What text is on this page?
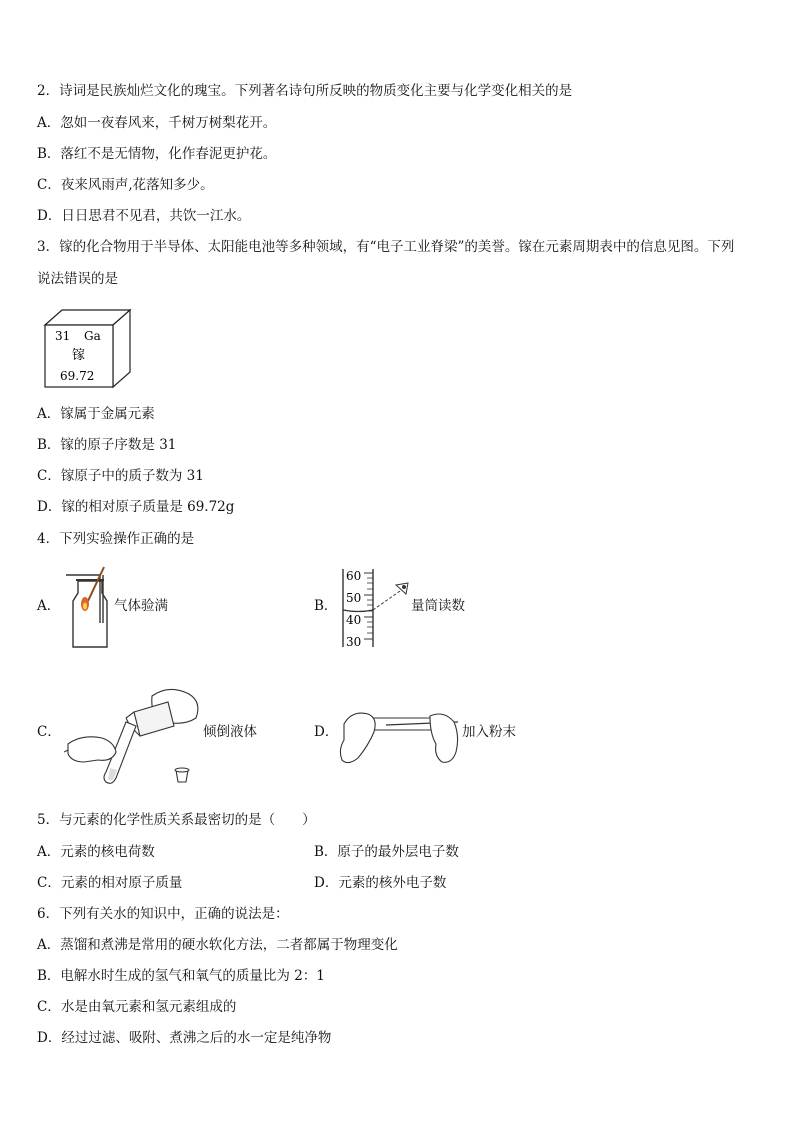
2．诗词是民族灿烂文化的瑰宝。下列著名诗句所反映的物质变化主要与化学变化相关的是
A．忽如一夜春风来，千树万树梨花开。
B．落红不是无情物，化作春泥更护花。
C．夜来风雨声,花落知多少。
D．日日思君不见君，共饮一江水。
3．镓的化合物用于半导体、太阳能电池等多种领域，有“电子工业脊梁”的美誉。镓在元素周期表中的信息见图。下列
说法错误的是
31 Ga
镓
69.72
A．镓属于金属元素
B．镓的原子序数是 31
C．镓原子中的质子数为 31
D．镓的相对原子质量是 69.72g
4．下列实验操作正确的是
A．	气体验满	B．
60
50
40
30
量筒读数
C．	倾倒液体	D．	加入粉末
5．与元素的化学性质关系最密切的是（　　）
A．元素的核电荷数	B．原子的最外层电子数
C．元素的相对原子质量	D．元素的核外电子数
6．下列有关水的知识中，正确的说法是：
A．蒸馏和煮沸是常用的硬水软化方法，二者都属于物理变化
B．电解水时生成的氢气和氧气的质量比为 2：1
C．水是由氧元素和氢元素组成的
D．经过过滤、吸附、煮沸之后的水一定是纯净物
